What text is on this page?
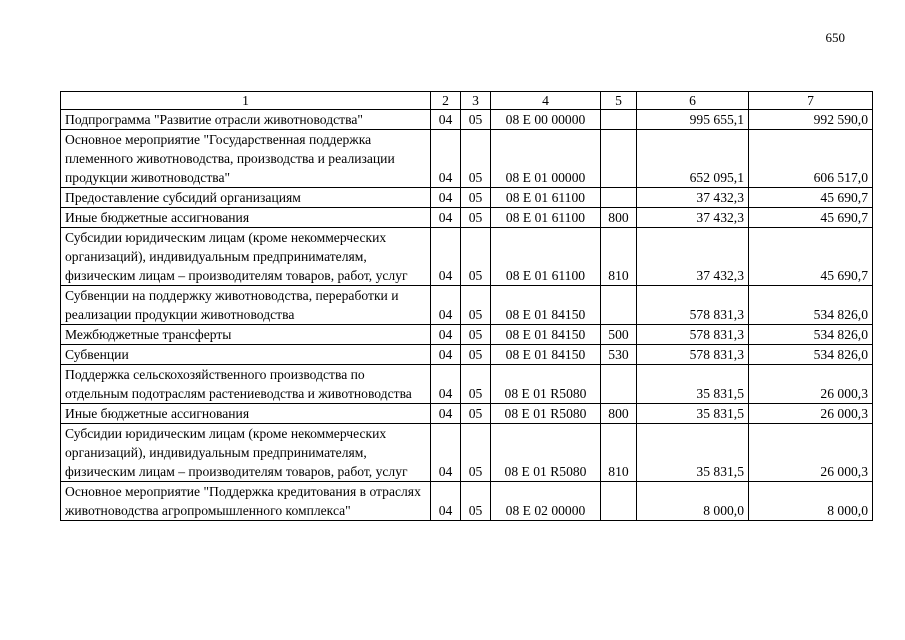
650
1	2	3	4	5	6	7
Подпрограмма "Развитие отрасли животноводства"	04	05	08 Е 00 00000		995 655,1	992 590,0
Основное мероприятие "Государственная поддержка племенного животноводства, производства и реализации продукции животноводства"	04	05	08 Е 01 00000		652 095,1	606 517,0
Предоставление субсидий организациям	04	05	08 Е 01 61100		37 432,3	45 690,7
Иные бюджетные ассигнования	04	05	08 Е 01 61100	800	37 432,3	45 690,7
Субсидии юридическим лицам (кроме некоммерческих организаций), индивидуальным предпринимателям, физическим лицам – производителям товаров, работ, услуг	04	05	08 Е 01 61100	810	37 432,3	45 690,7
Субвенции на поддержку животноводства, переработки и реализации продукции животноводства	04	05	08 Е 01 84150		578 831,3	534 826,0
Межбюджетные трансферты	04	05	08 Е 01 84150	500	578 831,3	534 826,0
Субвенции	04	05	08 Е 01 84150	530	578 831,3	534 826,0
Поддержка сельскохозяйственного производства по отдельным подотраслям растениеводства и животноводства	04	05	08 Е 01 R5080		35 831,5	26 000,3
Иные бюджетные ассигнования	04	05	08 Е 01 R5080	800	35 831,5	26 000,3
Субсидии юридическим лицам (кроме некоммерческих организаций), индивидуальным предпринимателям, физическим лицам – производителям товаров, работ, услуг	04	05	08 Е 01 R5080	810	35 831,5	26 000,3
Основное мероприятие "Поддержка кредитования в отраслях животноводства агропромышленного комплекса"	04	05	08 Е 02 00000		8 000,0	8 000,0
